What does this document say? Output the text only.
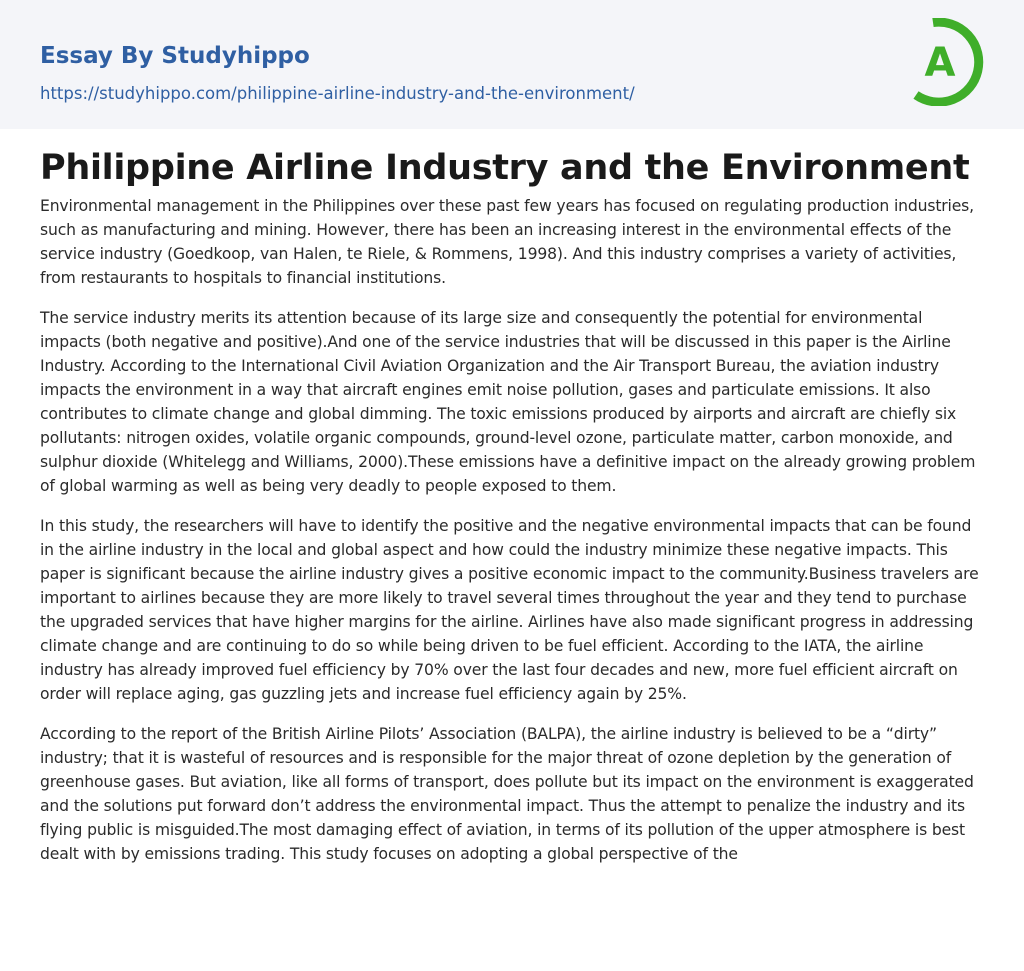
Essay By Studyhippo
https://studyhippo.com/philippine-airline-industry-and-the-environment/
A
Philippine Airline Industry and the Environment

Environmental management in the Philippines over these past few years has focused on regulating production industries, such as manufacturing and mining. However, there has been an increasing interest in the environmental effects of the service industry (Goedkoop, van Halen, te Riele, & Rommens, 1998). And this industry comprises a variety of activities, from restaurants to hospitals to financial institutions.

The service industry merits its attention because of its large size and consequently the potential for environmental impacts (both negative and positive).And one of the service industries that will be discussed in this paper is the Airline Industry. According to the International Civil Aviation Organization and the Air Transport Bureau, the aviation industry impacts the environment in a way that aircraft engines emit noise pollution, gases and particulate emissions. It also contributes to climate change and global dimming. The toxic emissions produced by airports and aircraft are chiefly six pollutants: nitrogen oxides, volatile organic compounds, ground-level ozone, particulate matter, carbon monoxide, and sulphur dioxide (Whitelegg and Williams, 2000).These emissions have a definitive impact on the already growing problem of global warming as well as being very deadly to people exposed to them.

In this study, the researchers will have to identify the positive and the negative environmental impacts that can be found in the airline industry in the local and global aspect and how could the industry minimize these negative impacts. This paper is significant because the airline industry gives a positive economic impact to the community.Business travelers are important to airlines because they are more likely to travel several times throughout the year and they tend to purchase the upgraded services that have higher margins for the airline. Airlines have also made significant progress in addressing climate change and are continuing to do so while being driven to be fuel efficient. According to the IATA, the airline industry has already improved fuel efficiency by 70% over the last four decades and new, more fuel efficient aircraft on order will replace aging, gas guzzling jets and increase fuel efficiency again by 25%.

According to the report of the British Airline Pilots’ Association (BALPA), the airline industry is believed to be a “dirty” industry; that it is wasteful of resources and is responsible for the major threat of ozone depletion by the generation of greenhouse gases. But aviation, like all forms of transport, does pollute but its impact on the environment is exaggerated and the solutions put forward don’t address the environmental impact. Thus the attempt to penalize the industry and its flying public is misguided.The most damaging effect of aviation, in terms of its pollution of the upper atmosphere is best dealt with by emissions trading. This study focuses on adopting a global perspective of the
